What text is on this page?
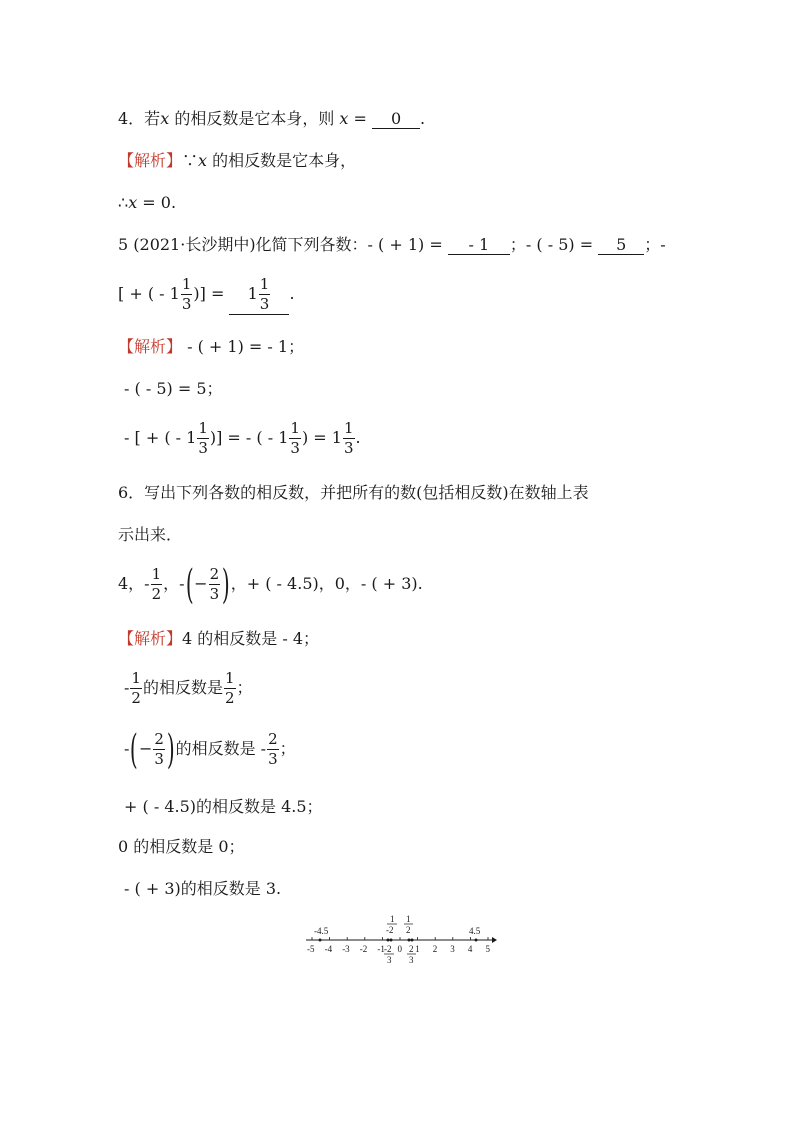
4．若x 的相反数是它本身，则 x = 0 .
【解析】∵x 的相反数是它本身，
∴x = 0.
5 (2021·长沙期中)化简下列各数：- ( + 1) = - 1 ；- ( - 5) = 5 ；-
[ + ( - $1 \frac{1}{3}$ )] = $1 \frac{1}{3}$ .
【解析】 - ( + 1) = - 1；
- ( - 5) = 5；
- [ + ( - $1 \frac{1}{3}$ )] = - ( - $1 \frac{1}{3}$ ) = $1 \frac{1}{3}$ .
6．写出下列各数的相反数，并把所有的数(包括相反数)在数轴上表
示出来．
4，- $\frac{1}{2}$ ，-(− $\frac{2}{3}$ )，+ ( - 4.5)，0，- ( + 3).
【解析】4 的相反数是 - 4；
- $\frac{1}{2}$ 的相反数是 $\frac{1}{2}$ ；
-(− $\frac{2}{3}$ )的相反数是 - $\frac{2}{3}$ ；
+ ( - 4.5)的相反数是 4.5；
0 的相反数是 0；
- ( + 3)的相反数是 3.
-5 -4 -3 -2 -1 0 1 2 3 4 5
-4.5
1
-2
1
2	4.5
-2
3
2
3
